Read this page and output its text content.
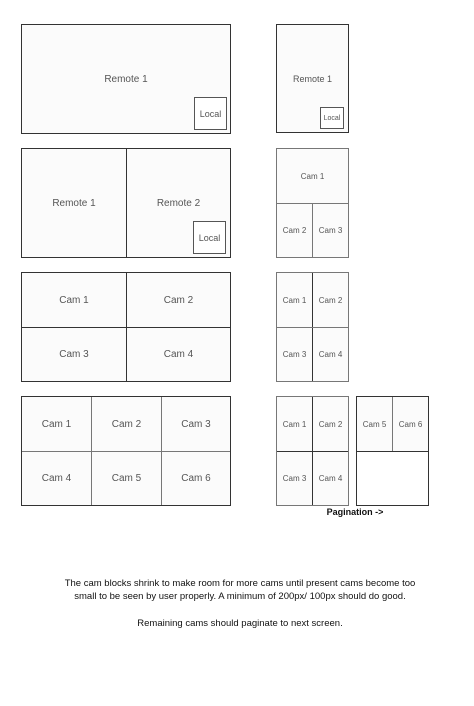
Remote 1
Local
Remote 1
Local
Remote 1	Remote 2
Local
Cam 1
Cam 2	Cam 3
Cam 1	Cam 2
Cam 3	Cam 4
Cam 1	Cam 2
Cam 3	Cam 4
Cam 1	Cam 2	Cam 3
Cam 4	Cam 5	Cam 6
Cam 1	Cam 2
Cam 3	Cam 4
Cam 5	Cam 6
Pagination ->
The cam blocks shrink to make room for more cams until present cams become too
small to be seen by user properly. A minimum of 200px/ 100px should do good.
Remaining cams should paginate to next screen.
